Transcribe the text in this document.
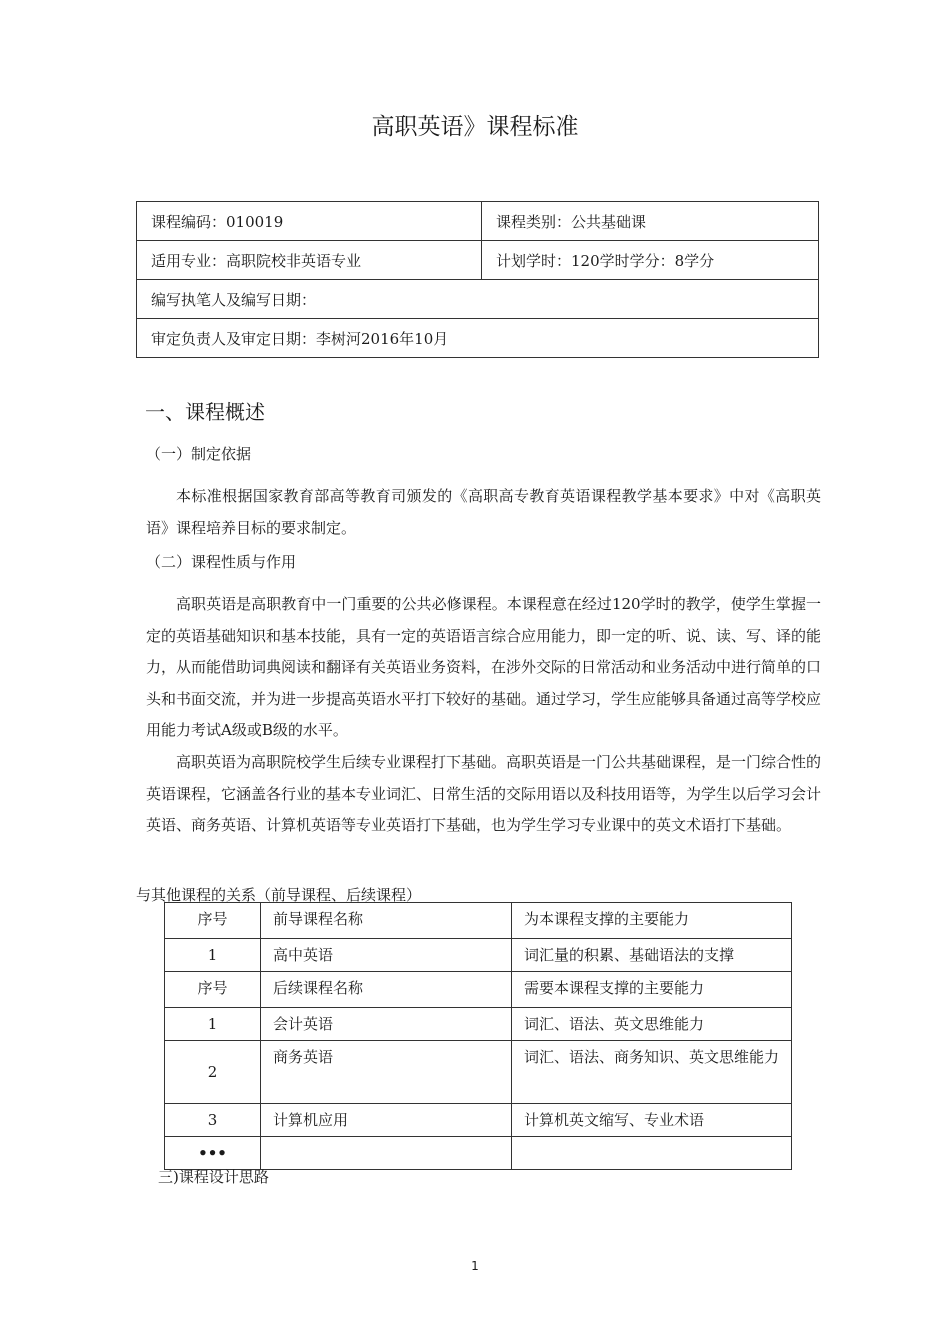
高职英语》课程标准
课程编码：010019	课程类别：公共基础课
适用专业：高职院校非英语专业	计划学时：120学时学分：8学分
编写执笔人及编写日期：	
审定负责人及审定日期：李树河2016年10月	
一、课程概述
（一）制定依据

本标准根据国家教育部高等教育司颁发的《高职高专教育英语课程教学基本要求》中对《高职英语》课程培养目标的要求制定。

（二）课程性质与作用

高职英语是高职教育中一门重要的公共必修课程。本课程意在经过120学时的教学，使学生掌握一定的英语基础知识和基本技能，具有一定的英语语言综合应用能力，即一定的听、说、读、写、译的能力，从而能借助词典阅读和翻译有关英语业务资料，在涉外交际的日常活动和业务活动中进行简单的口头和书面交流，并为进一步提高英语水平打下较好的基础。通过学习，学生应能够具备通过高等学校应用能力考试A级或B级的水平。

高职英语为高职院校学生后续专业课程打下基础。高职英语是一门公共基础课程，是一门综合性的英语课程，它涵盖各行业的基本专业词汇、日常生活的交际用语以及科技用语等，为学生以后学习会计英语、商务英语、计算机英语等专业英语打下基础，也为学生学习专业课中的英文术语打下基础。

与其他课程的关系（前导课程、后续课程）
序号	前导课程名称	为本课程支撑的主要能力
1	高中英语	词汇量的积累、基础语法的支撑
序号	后续课程名称	需要本课程支撑的主要能力
1	会计英语	词汇、语法、英文思维能力
2	商务英语	词汇、语法、商务知识、英文思维能力
3	计算机应用	计算机英文缩写、专业术语
•••		
三)课程设计思路
1
